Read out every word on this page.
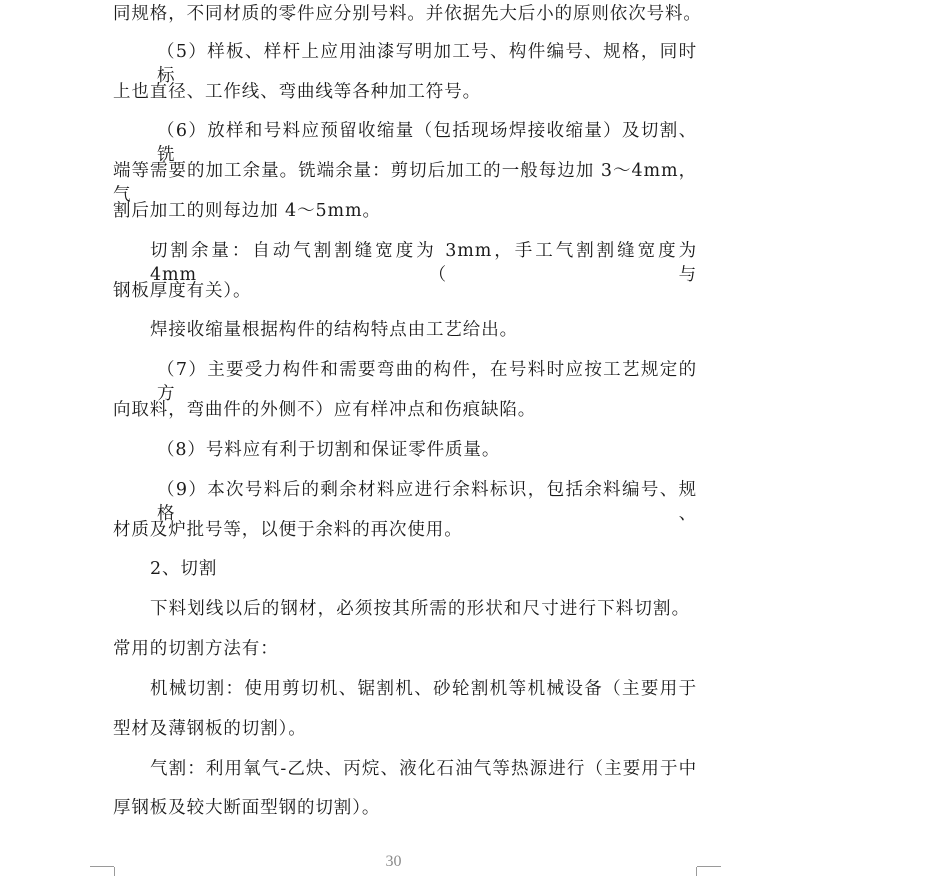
同规格，不同材质的零件应分别号料。并依据先大后小的原则依次号料。
（5）样板、样杆上应用油漆写明加工号、构件编号、规格，同时标
上也直径、工作线、弯曲线等各种加工符号。
（6）放样和号料应预留收缩量（包括现场焊接收缩量）及切割、铣
端等需要的加工余量。铣端余量：剪切后加工的一般每边加 3～4mm，气
割后加工的则每边加 4～5mm。
切割余量：自动气割割缝宽度为 3mm，手工气割割缝宽度为 4mm（与
钢板厚度有关）。
焊接收缩量根据构件的结构特点由工艺给出。
（7）主要受力构件和需要弯曲的构件，在号料时应按工艺规定的方
向取料，弯曲件的外侧不）应有样冲点和伤痕缺陷。
（8）号料应有利于切割和保证零件质量。
（9）本次号料后的剩余材料应进行余料标识，包括余料编号、规格、
材质及炉批号等，以便于余料的再次使用。
2、切割
下料划线以后的钢材，必须按其所需的形状和尺寸进行下料切割。
常用的切割方法有：
机械切割：使用剪切机、锯割机、砂轮割机等机械设备（主要用于
型材及薄钢板的切割）。
气割：利用氧气-乙炔、丙烷、液化石油气等热源进行（主要用于中
厚钢板及较大断面型钢的切割）。
30
